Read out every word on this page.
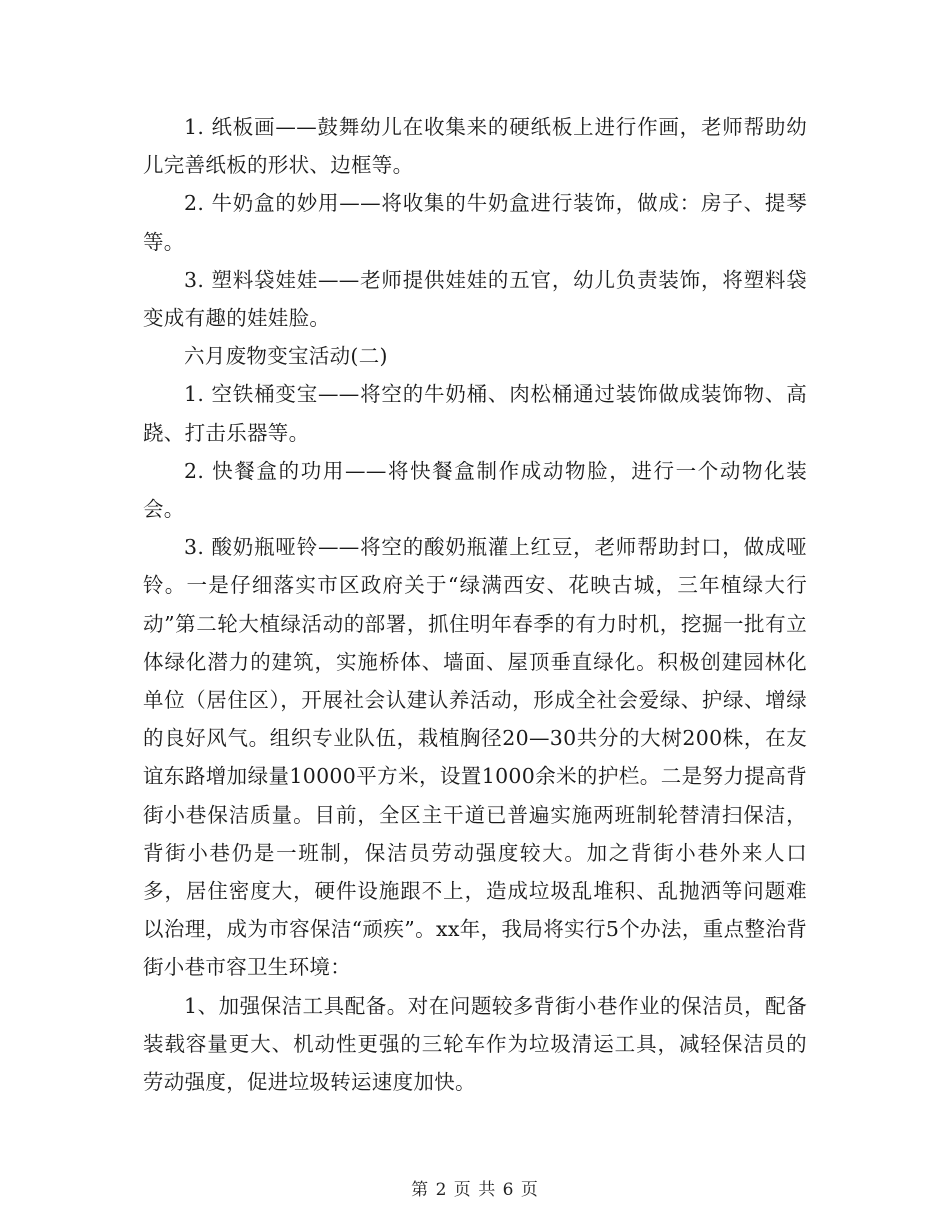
1. 纸板画——鼓舞幼儿在收集来的硬纸板上进行作画，老师帮助幼儿完善纸板的形状、边框等。

2. 牛奶盒的妙用——将收集的牛奶盒进行装饰，做成：房子、提琴等。

3. 塑料袋娃娃——老师提供娃娃的五官，幼儿负责装饰，将塑料袋变成有趣的娃娃脸。

六月废物变宝活动(二)

1. 空铁桶变宝——将空的牛奶桶、肉松桶通过装饰做成装饰物、高跷、打击乐器等。

2. 快餐盒的功用——将快餐盒制作成动物脸，进行一个动物化装会。

3. 酸奶瓶哑铃——将空的酸奶瓶灌上红豆，老师帮助封口，做成哑铃。一是仔细落实市区政府关于“绿满西安、花映古城，三年植绿大行动”第二轮大植绿活动的部署，抓住明年春季的有力时机，挖掘一批有立体绿化潜力的建筑，实施桥体、墙面、屋顶垂直绿化。积极创建园林化单位（居住区），开展社会认建认养活动，形成全社会爱绿、护绿、增绿的良好风气。组织专业队伍，栽植胸径20—30共分的大树200株，在友谊东路增加绿量10000平方米，设置1000余米的护栏。二是努力提高背街小巷保洁质量。目前，全区主干道已普遍实施两班制轮替清扫保洁，背街小巷仍是一班制，保洁员劳动强度较大。加之背街小巷外来人口多，居住密度大，硬件设施跟不上，造成垃圾乱堆积、乱抛洒等问题难以治理，成为市容保洁“顽疾”。xx年，我局将实行5个办法，重点整治背街小巷市容卫生环境：

1、加强保洁工具配备。对在问题较多背街小巷作业的保洁员，配备装载容量更大、机动性更强的三轮车作为垃圾清运工具，减轻保洁员的劳动强度，促进垃圾转运速度加快。

第 2 页 共 6 页
